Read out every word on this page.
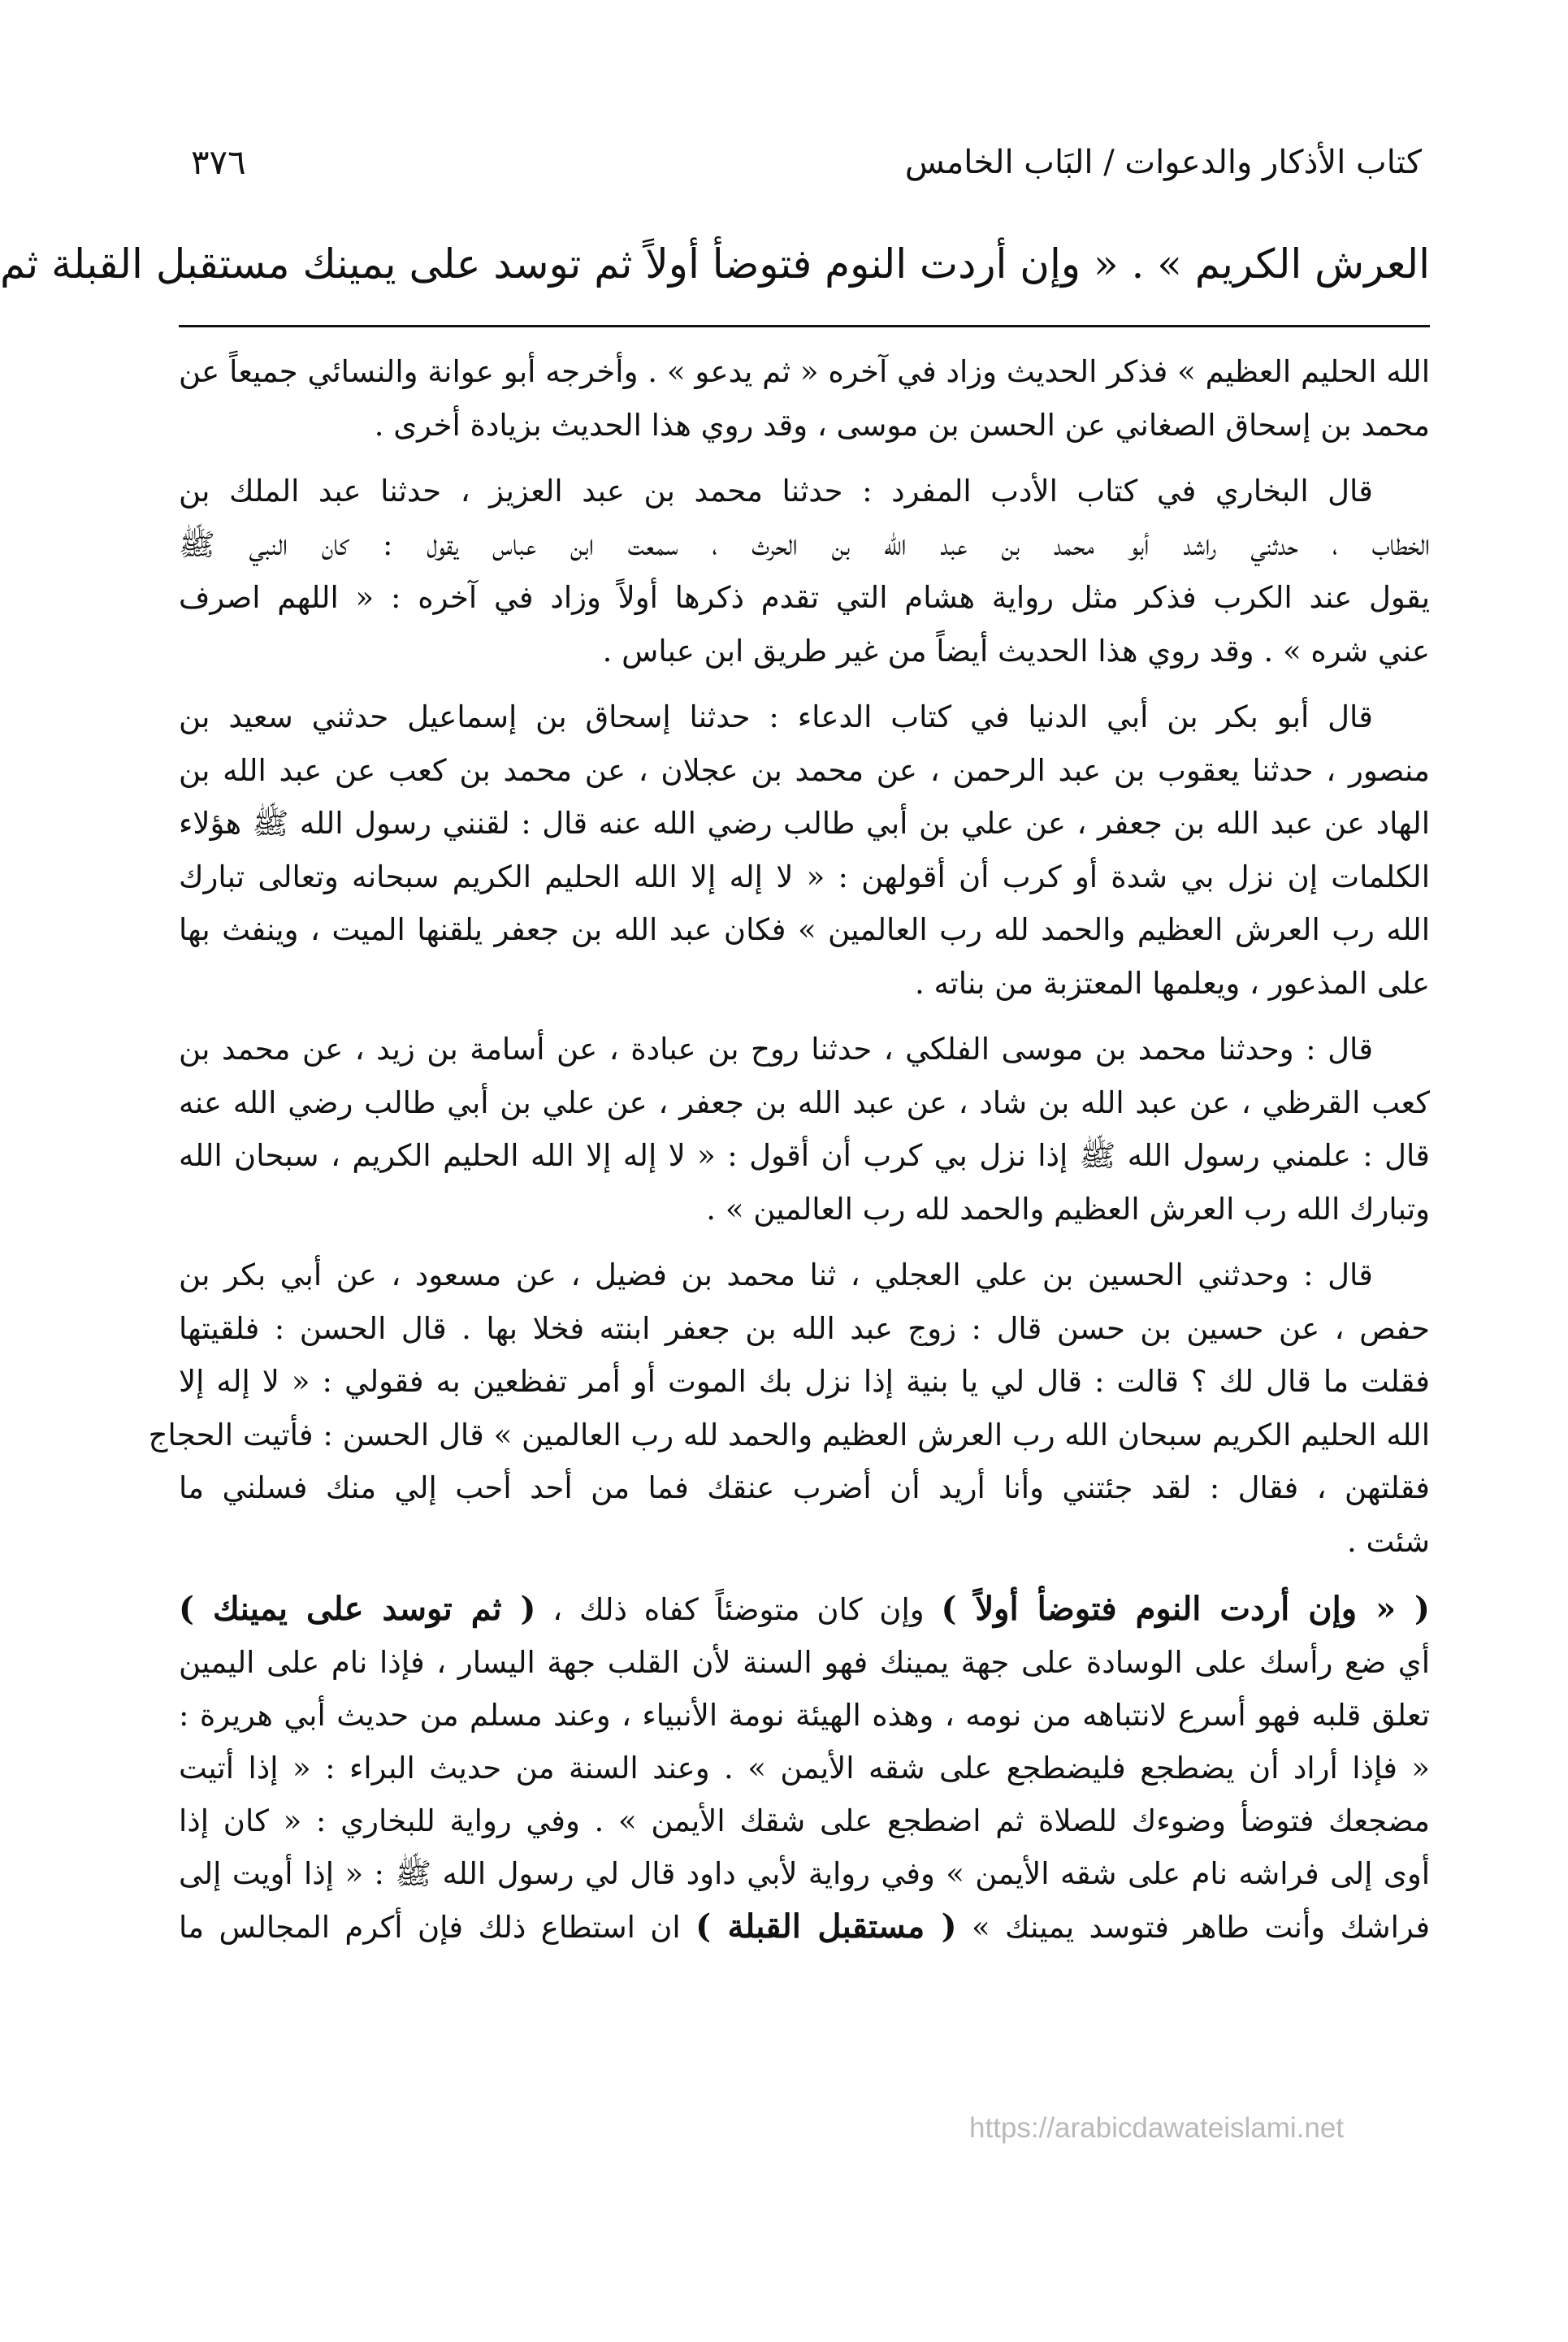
كتاب الأذكار والدعوات / البَاب الخامس
٣٧٦
العرش الكريم » . « وإن أردت النوم فتوضأ أولاً ثم توسد على يمينك مستقبل القبلة ثم
الله الحليم العظيم » فذكر الحديث وزاد في آخره « ثم يدعو » . وأخرجه أبو عوانة والنسائي جميعاً عن
محمد بن إسحاق الصغاني عن الحسن بن موسى ، وقد روي هذا الحديث بزيادة أخرى .
قال البخاري في كتاب الأدب المفرد : حدثنا محمد بن عبد العزيز ، حدثنا عبد الملك بن
الخطاب ، حدثني راشد أبو محمد بن عبد الله بن الحرث ، سمعت ابن عباس يقول : كان النبي ﷺ
يقول عند الكرب فذكر مثل رواية هشام التي تقدم ذكرها أولاً وزاد في آخره : « اللهم اصرف
عني شره » . وقد روي هذا الحديث أيضاً من غير طريق ابن عباس .
قال أبو بكر بن أبي الدنيا في كتاب الدعاء : حدثنا إسحاق بن إسماعيل حدثني سعيد بن
منصور ، حدثنا يعقوب بن عبد الرحمن ، عن محمد بن عجلان ، عن محمد بن كعب عن عبد الله بن
الهاد عن عبد الله بن جعفر ، عن علي بن أبي طالب رضي الله عنه قال : لقنني رسول الله ﷺ هؤلاء
الكلمات إن نزل بي شدة أو كرب أن أقولهن : « لا إله إلا الله الحليم الكريم سبحانه وتعالى تبارك
الله رب العرش العظيم والحمد لله رب العالمين » فكان عبد الله بن جعفر يلقنها الميت ، وينفث بها
على المذعور ، ويعلمها المعتزبة من بناته .
قال : وحدثنا محمد بن موسى الفلكي ، حدثنا روح بن عبادة ، عن أسامة بن زيد ، عن محمد بن
كعب القرظي ، عن عبد الله بن شاد ، عن عبد الله بن جعفر ، عن علي بن أبي طالب رضي الله عنه
قال : علمني رسول الله ﷺ إذا نزل بي كرب أن أقول : « لا إله إلا الله الحليم الكريم ، سبحان الله
وتبارك الله رب العرش العظيم والحمد لله رب العالمين » .
قال : وحدثني الحسين بن علي العجلي ، ثنا محمد بن فضيل ، عن مسعود ، عن أبي بكر بن
حفص ، عن حسين بن حسن قال : زوج عبد الله بن جعفر ابنته فخلا بها . قال الحسن : فلقيتها
فقلت ما قال لك ؟ قالت : قال لي يا بنية إذا نزل بك الموت أو أمر تفظعين به فقولي : « لا إله إلا
الله الحليم الكريم سبحان الله رب العرش العظيم والحمد لله رب العالمين » قال الحسن : فأتيت الحجاج
فقلتهن ، فقال : لقد جئتني وأنا أريد أن أضرب عنقك فما من أحد أحب إلي منك فسلني ما
شئت .
( « وإن أردت النوم فتوضأ أولاً ) وإن كان متوضئاً كفاه ذلك ، ( ثم توسد على يمينك )
أي ضع رأسك على الوسادة على جهة يمينك فهو السنة لأن القلب جهة اليسار ، فإذا نام على اليمين
تعلق قلبه فهو أسرع لانتباهه من نومه ، وهذه الهيئة نومة الأنبياء ، وعند مسلم من حديث أبي هريرة :
« فإذا أراد أن يضطجع فليضطجع على شقه الأيمن » . وعند السنة من حديث البراء : « إذا أتيت
مضجعك فتوضأ وضوءك للصلاة ثم اضطجع على شقك الأيمن » . وفي رواية للبخاري : « كان إذا
أوى إلى فراشه نام على شقه الأيمن » وفي رواية لأبي داود قال لي رسول الله ﷺ : « إذا أويت إلى
فراشك وأنت طاهر فتوسد يمينك » ( مستقبل القبلة ) ان استطاع ذلك فإن أكرم المجالس ما
https://arabicdawateislami.net
